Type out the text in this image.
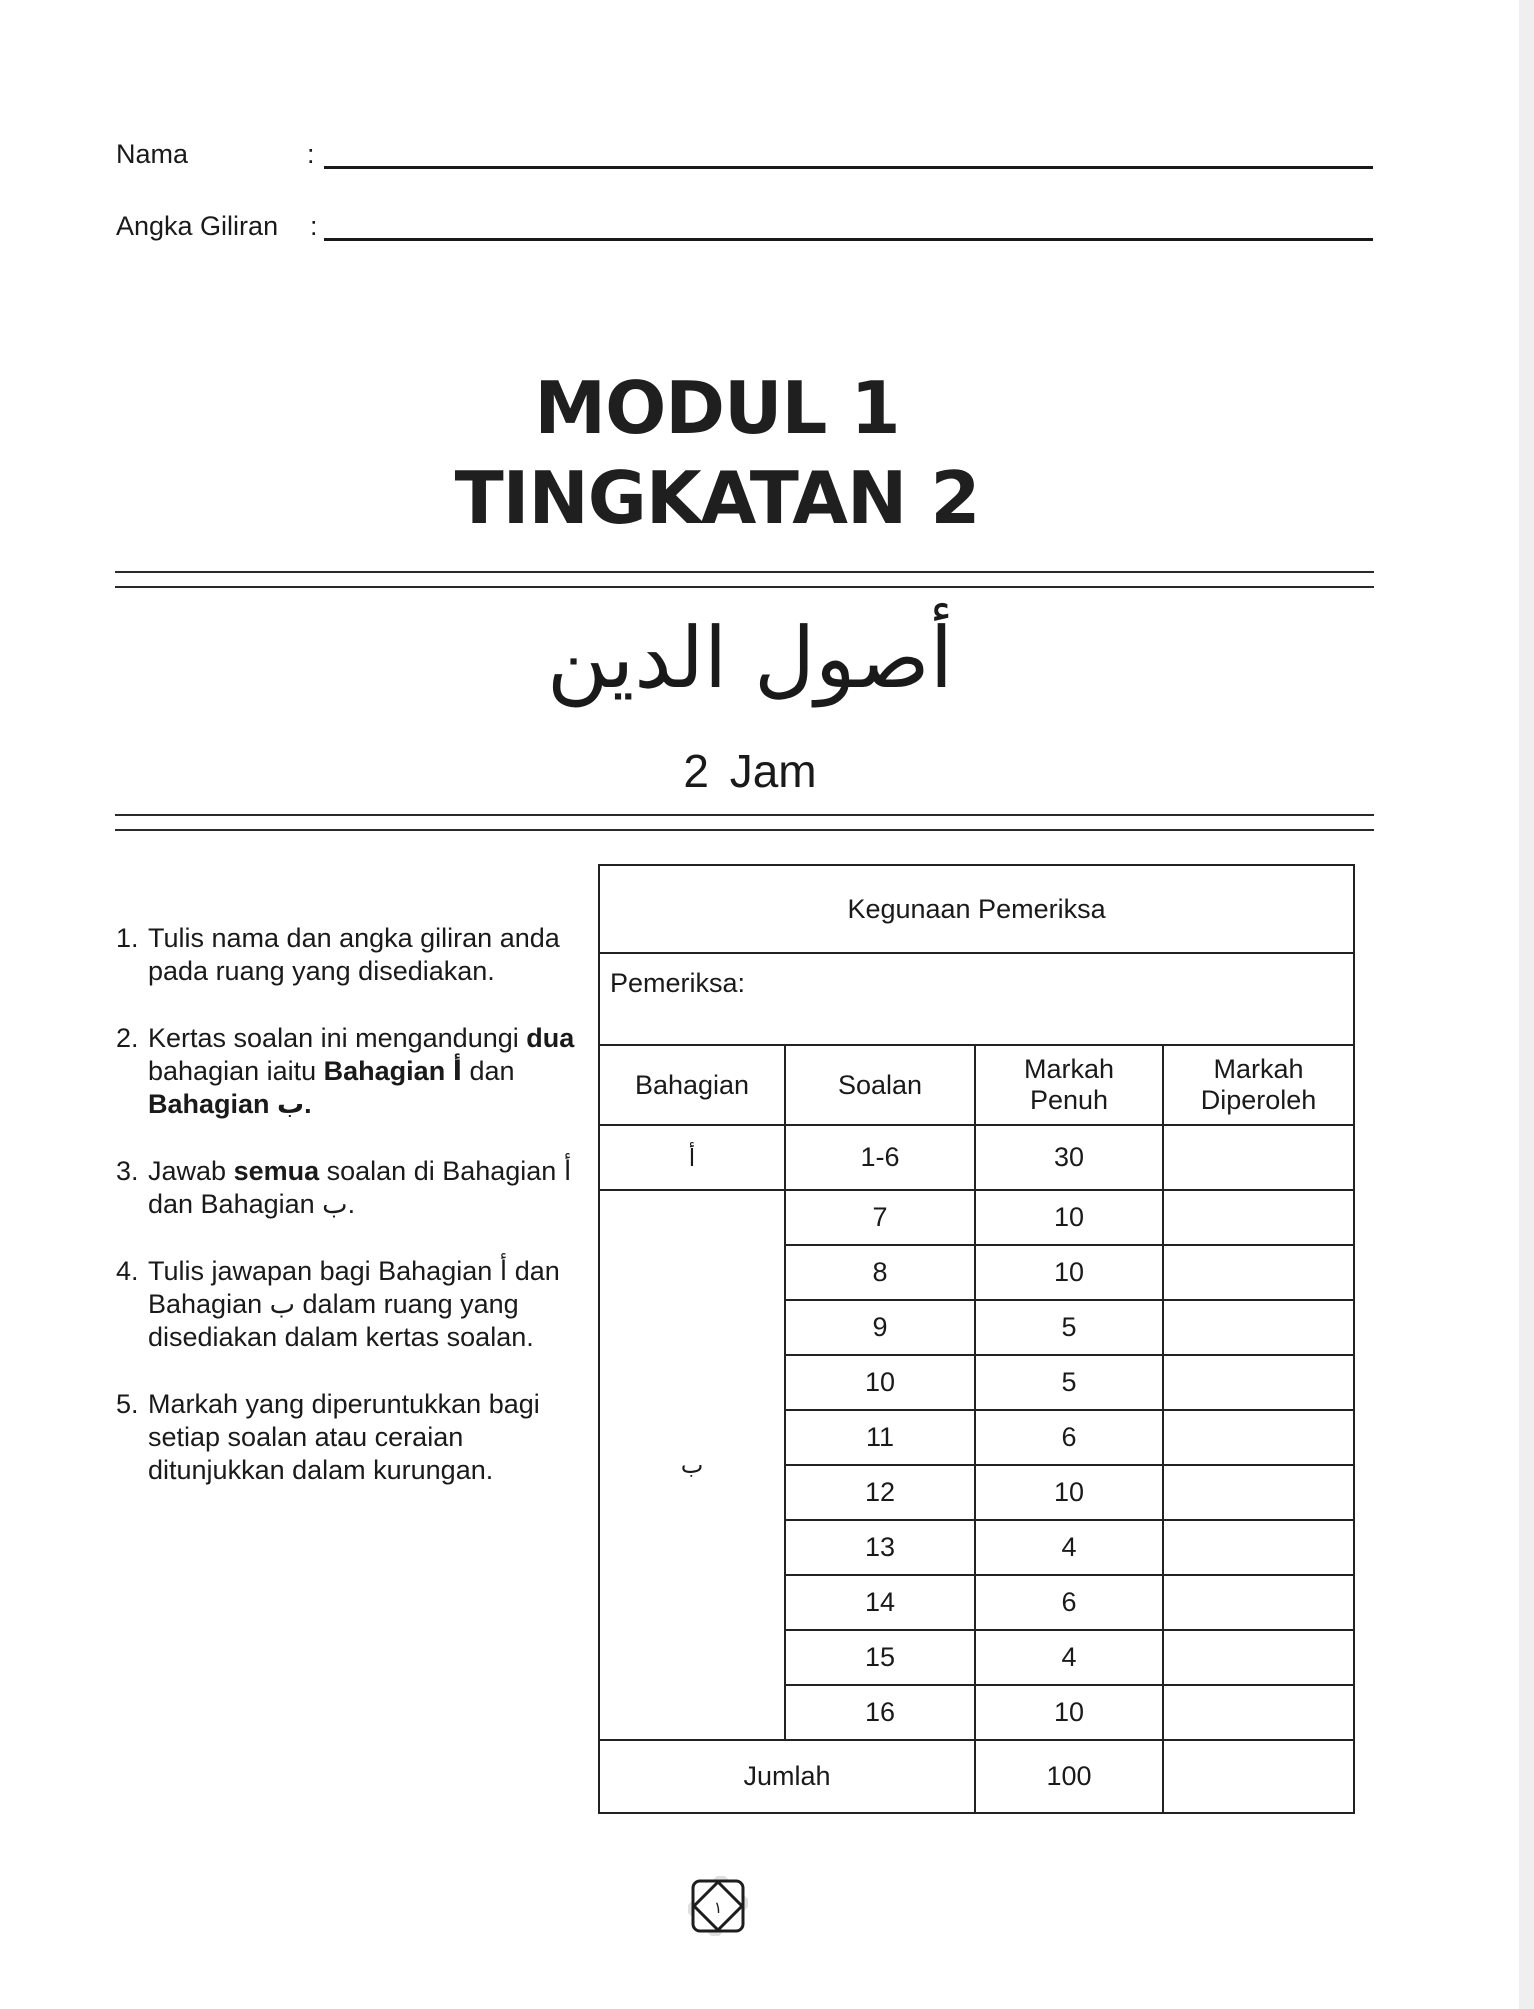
Nama	:
Angka Giliran :
MODUL 1
TINGKATAN 2
أصول الدين
2 Jam
1. Tulis nama dan angka giliran anda pada ruang yang disediakan.
2. Kertas soalan ini mengandungi dua bahagian iaitu Bahagian أ dan Bahagian ب.
3. Jawab semua soalan di Bahagian أ dan Bahagian ب.
4. Tulis jawapan bagi Bahagian أ dan Bahagian ب dalam ruang yang disediakan dalam kertas soalan.
5. Markah yang diperuntukkan bagi setiap soalan atau ceraian ditunjukkan dalam kurungan.
Kegunaan Pemeriksa			
Pemeriksa:			
Bahagian	Soalan	Markah Penuh	Markah Diperoleh
أ	1-6	30	
ب	7	10	
	8	10	
	9	5	
	10	5	
	11	6	
	12	10	
	13	4	
	14	6	
	15	4	
	16	10	
Jumlah		100	
١
